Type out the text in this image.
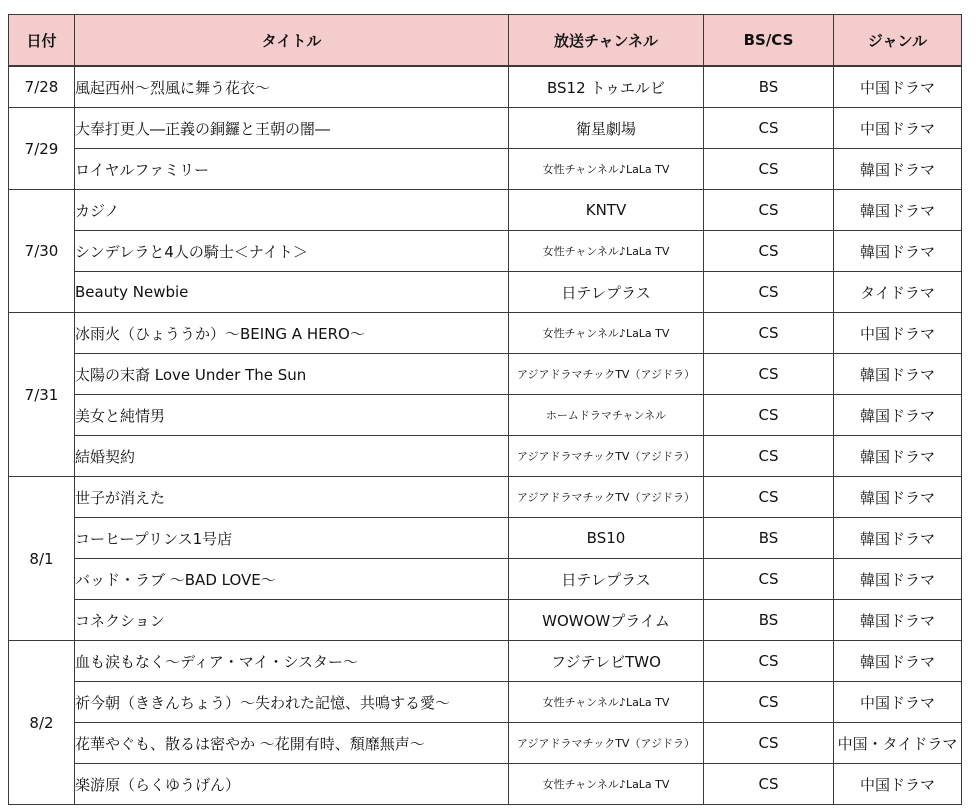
日付	タイトル	放送チャンネル	BS/CS	ジャンル
7/28	風起西州～烈風に舞う花衣～	BS12 トゥエルビ	BS	中国ドラマ
7/29	大奉打更人―正義の銅鑼と王朝の闇―	衛星劇場	CS	中国ドラマ
	ロイヤルファミリー	女性チャンネル♪LaLa TV	CS	韓国ドラマ
7/30	カジノ	KNTV	CS	韓国ドラマ
	シンデレラと4人の騎士＜ナイト＞	女性チャンネル♪LaLa TV	CS	韓国ドラマ
	Beauty Newbie	日テレプラス	CS	タイドラマ
7/31	冰雨火（ひょううか）～BEING A HERO～	女性チャンネル♪LaLa TV	CS	中国ドラマ
	太陽の末裔 Love Under The Sun	アジアドラマチックTV（アジドラ）	CS	韓国ドラマ
	美女と純情男	ホームドラマチャンネル	CS	韓国ドラマ
	結婚契約	アジアドラマチックTV（アジドラ）	CS	韓国ドラマ
8/1	世子が消えた	アジアドラマチックTV（アジドラ）	CS	韓国ドラマ
	コーヒープリンス1号店	BS10	BS	韓国ドラマ
	バッド・ラブ ～BAD LOVE～	日テレプラス	CS	韓国ドラマ
	コネクション	WOWOWプライム	BS	韓国ドラマ
8/2	血も涙もなく～ディア・マイ・シスター～	フジテレビTWO	CS	韓国ドラマ
	祈今朝（ききんちょう）～失われた記憶、共鳴する愛～	女性チャンネル♪LaLa TV	CS	中国ドラマ
	花華やぐも、散るは密やか ～花開有時、頽靡無声～	アジアドラマチックTV（アジドラ）	CS	中国・タイドラマ
	楽游原（らくゆうげん）	女性チャンネル♪LaLa TV	CS	中国ドラマ
